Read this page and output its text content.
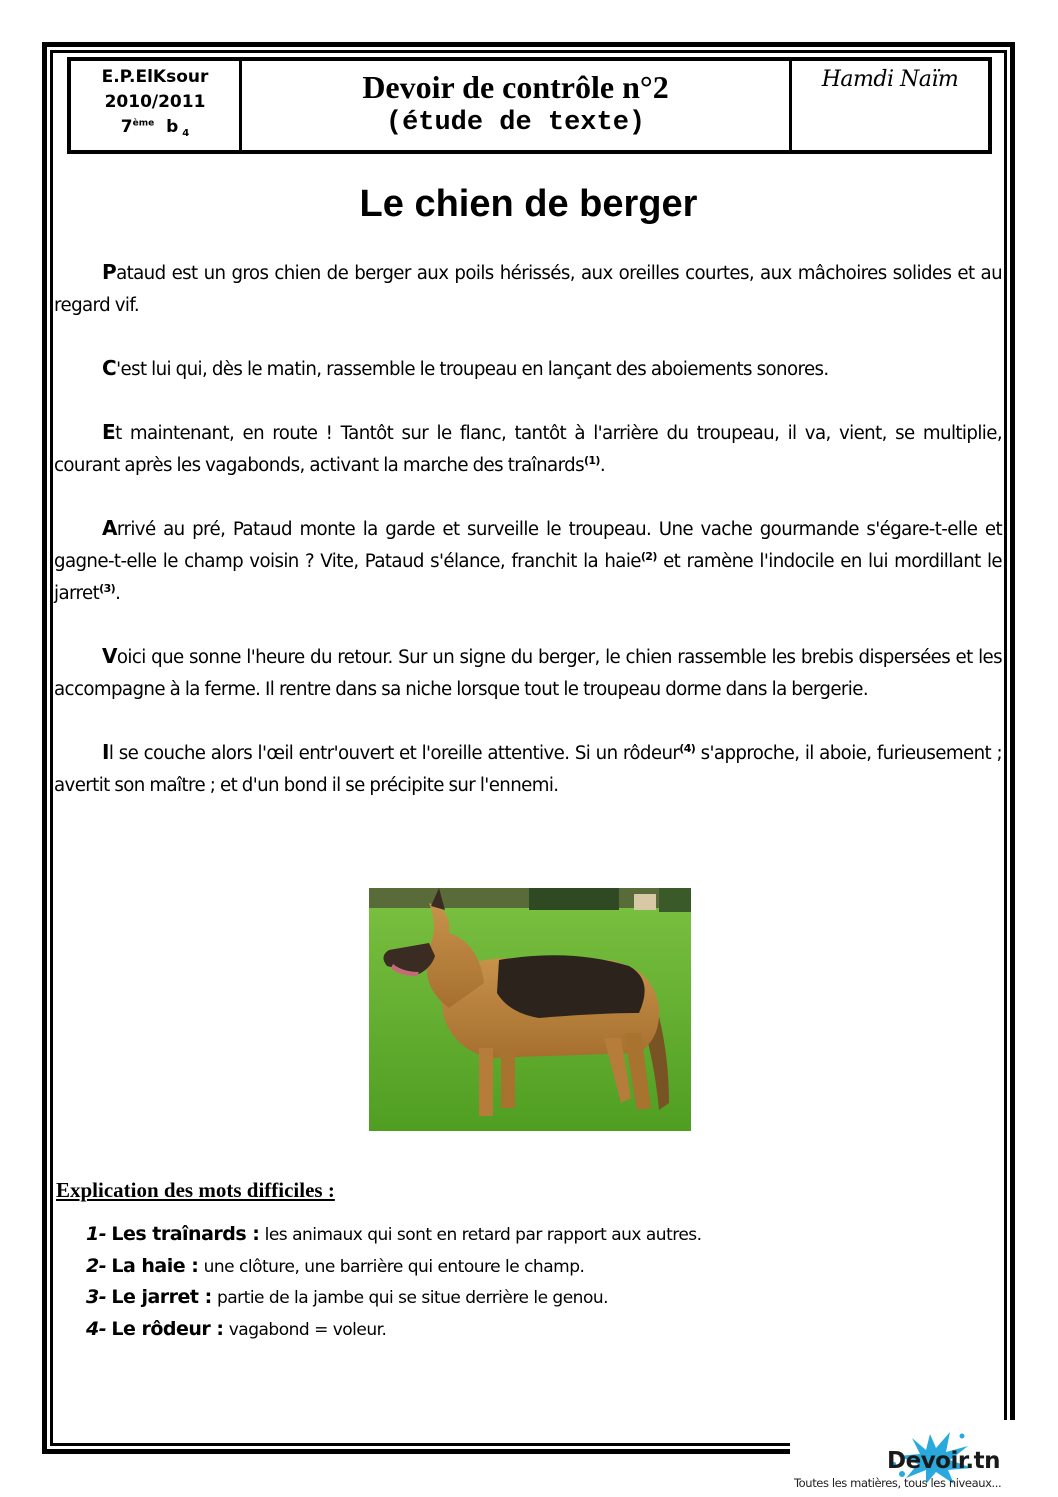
E.P.ElKsour
2010/2011
7ème b $_4$
Devoir de contrôle n°2
(étude de texte)
Hamdi Naïm
Le chien de berger

Pataud est un gros chien de berger aux poils hérissés, aux oreilles courtes, aux mâchoires solides et au regard vif.

C'est lui qui, dès le matin, rassemble le troupeau en lançant des aboiements sonores.

Et maintenant, en route ! Tantôt sur le flanc, tantôt à l'arrière du troupeau, il va, vient, se multiplie, courant après les vagabonds, activant la marche des traînards$^{(1)}$.

Arrivé au pré, Pataud monte la garde et surveille le troupeau. Une vache gourmande s'égare-t-elle et gagne-t-elle le champ voisin ? Vite, Pataud s'élance, franchit la haie$^{(2)}$ et ramène l'indocile en lui mordillant le jarret$^{(3)}$.

Voici que sonne l'heure du retour. Sur un signe du berger, le chien rassemble les brebis dispersées et les accompagne à la ferme. Il rentre dans sa niche lorsque tout le troupeau dorme dans la bergerie.

Il se couche alors l'œil entr'ouvert et l'oreille attentive. Si un rôdeur$^{(4)}$ s'approche, il aboie, furieusement ; avertit son maître ; et d'un bond il se précipite sur l'ennemi.

Explication des mots difficiles :
1- Les traînards : les animaux qui sont en retard par rapport aux autres.
2- La haie : une clôture, une barrière qui entoure le champ.
3- Le jarret : partie de la jambe qui se situe derrière le genou.
4- Le rôdeur : vagabond = voleur.
Devoir.tn
Toutes les matières, tous les niveaux...
